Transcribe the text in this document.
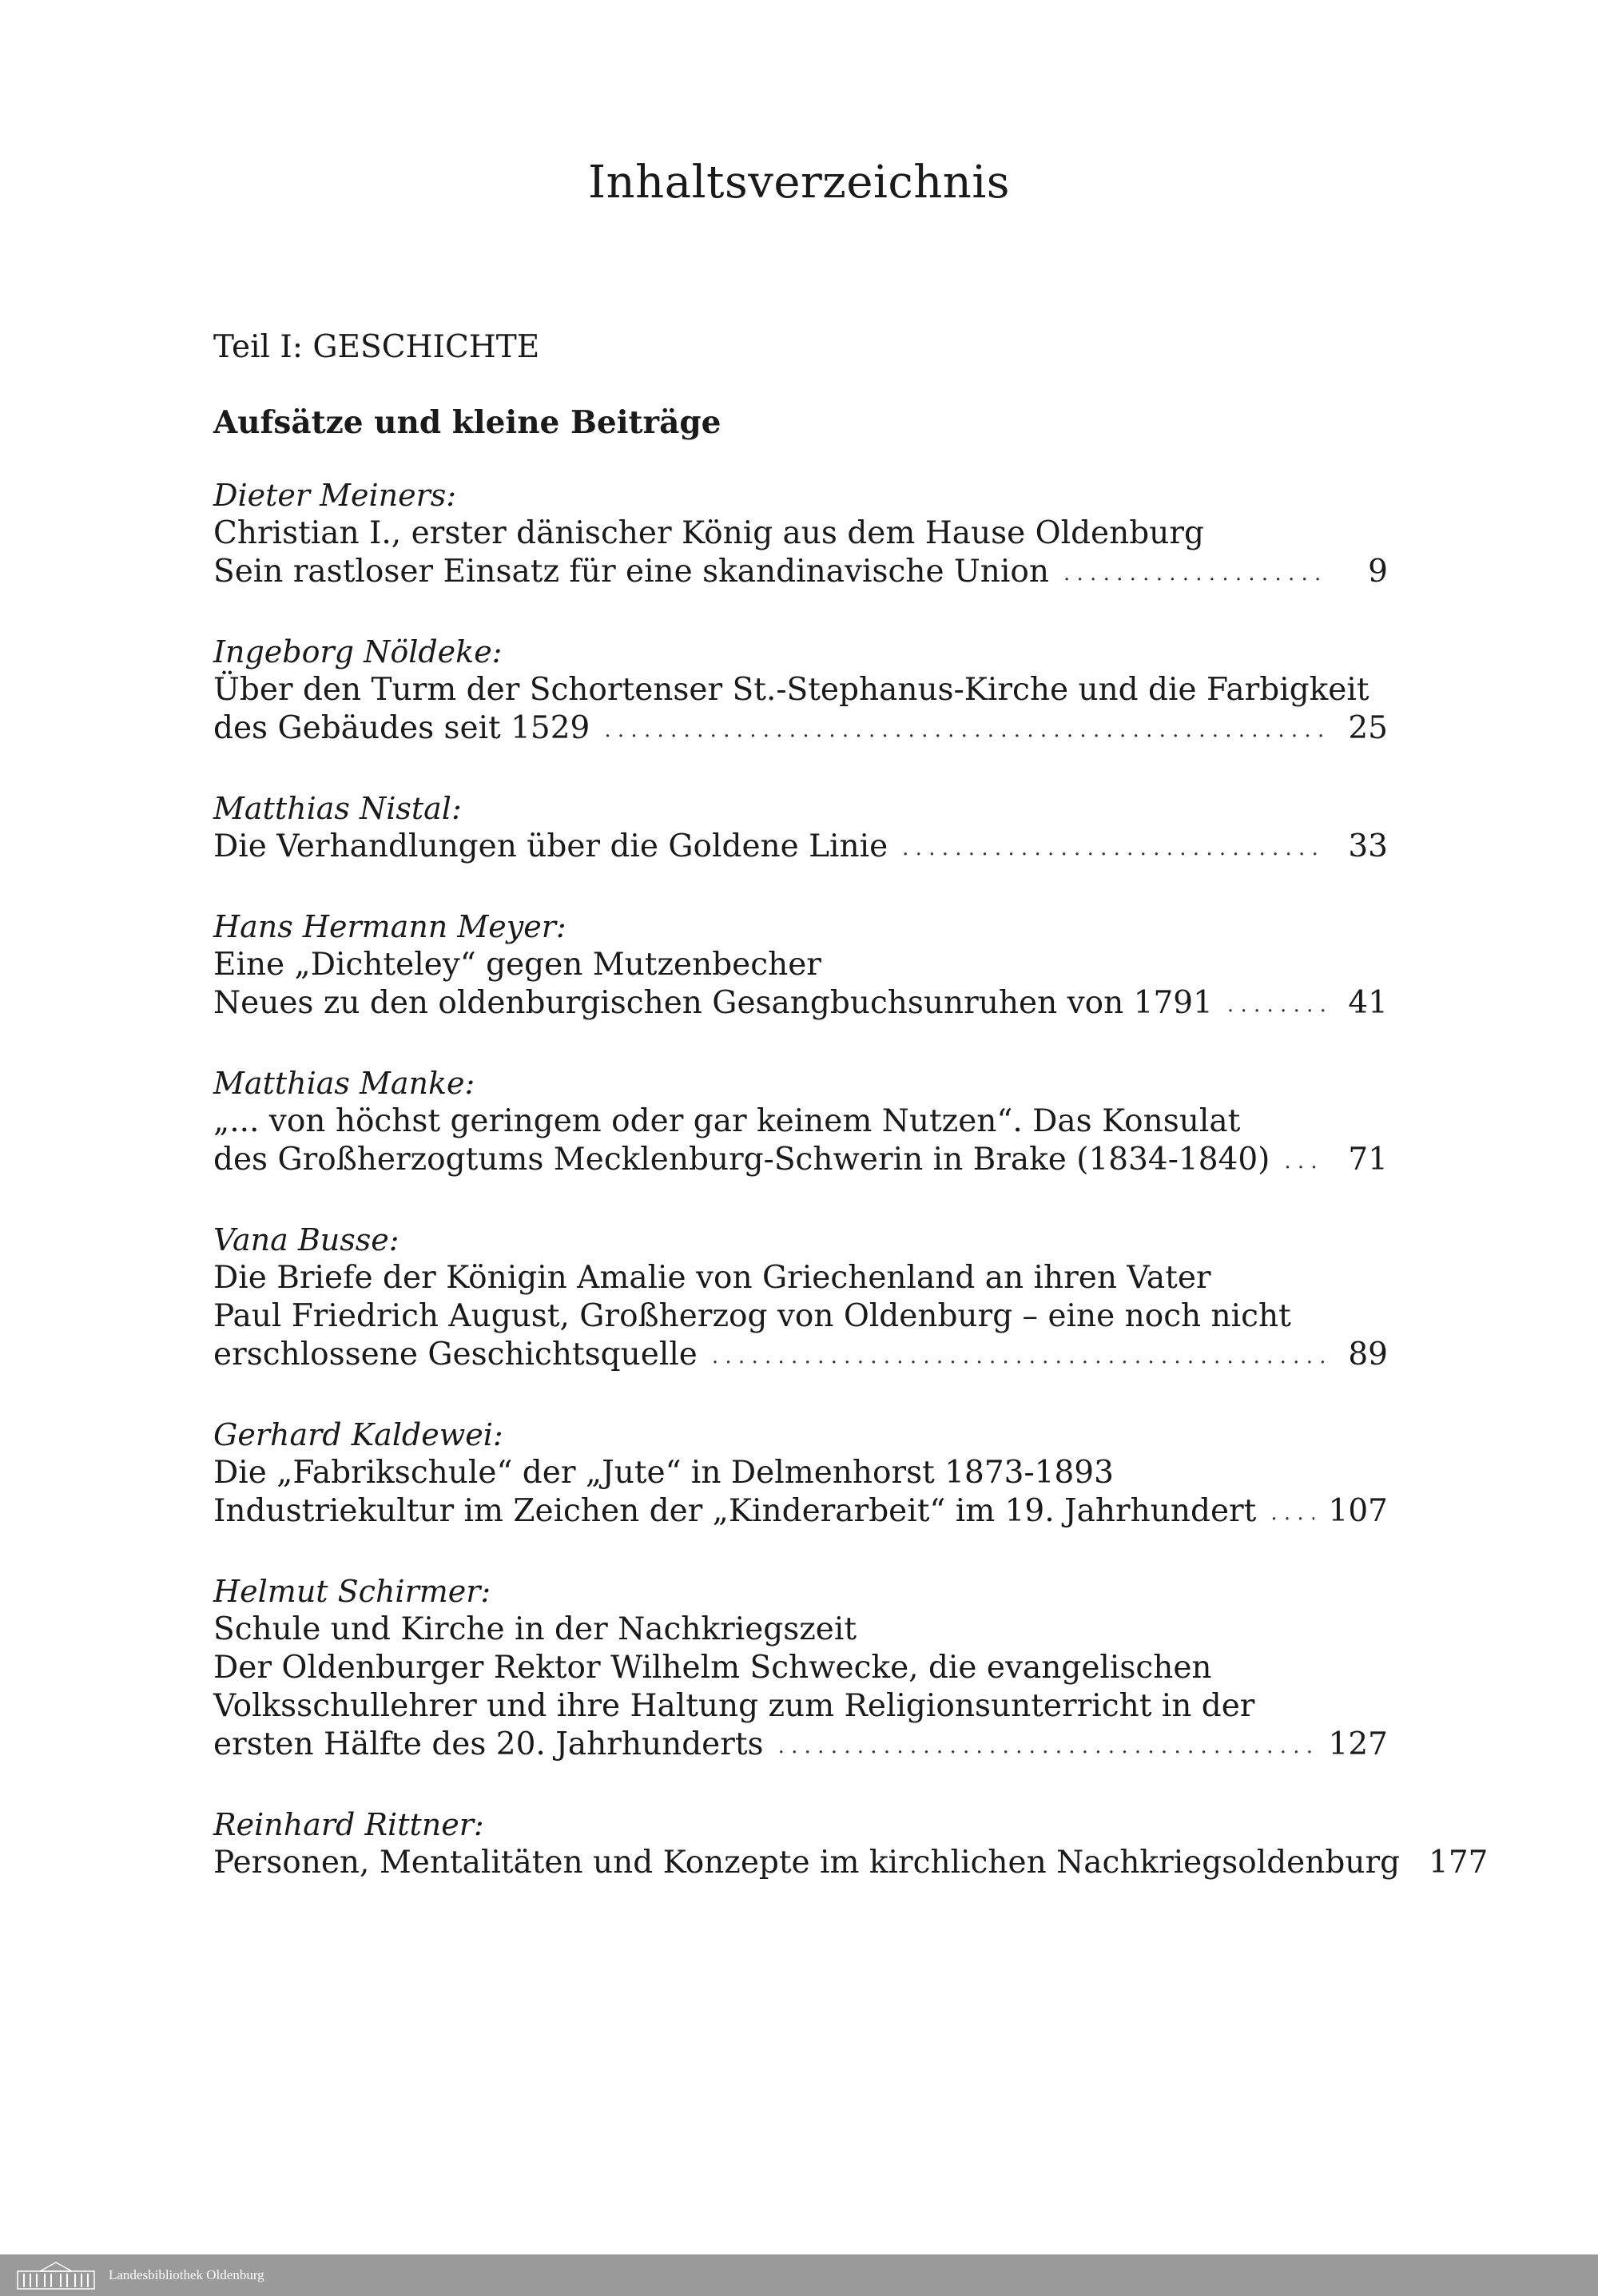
Inhaltsverzeichnis
Teil I: GESCHICHTE
Aufsätze und kleine Beiträge
Dieter Meiners:
Christian I., erster dänischer König aus dem Hause Oldenburg
Sein rastloser Einsatz für eine skandinavische Union . . .	9
Ingeborg Nöldeke:
Über den Turm der Schortenser St.-Stephanus-Kirche und die Farbigkeit
des Gebäudes seit 1529 . . .	25
Matthias Nistal:
Die Verhandlungen über die Goldene Linie . . .	33
Hans Hermann Meyer:
Eine „Dichteley“ gegen Mutzenbecher
Neues zu den oldenburgischen Gesangbuchsunruhen von 1791 . . .	41
Matthias Manke:
„... von höchst geringem oder gar keinem Nutzen“. Das Konsulat
des Großherzogtums Mecklenburg-Schwerin in Brake (1834-1840) . . .	71
Vana Busse:
Die Briefe der Königin Amalie von Griechenland an ihren Vater
Paul Friedrich August, Großherzog von Oldenburg – eine noch nicht
erschlossene Geschichtsquelle . . .	89
Gerhard Kaldewei:
Die „Fabrikschule“ der „Jute“ in Delmenhorst 1873-1893
Industriekultur im Zeichen der „Kinderarbeit“ im 19. Jahrhundert . . . 107
Helmut Schirmer:
Schule und Kirche in der Nachkriegszeit
Der Oldenburger Rektor Wilhelm Schwecke, die evangelischen
Volksschullehrer und ihre Haltung zum Religionsunterricht in der
ersten Hälfte des 20. Jahrhunderts . . .	127
Reinhard Rittner:
Personen, Mentalitäten und Konzepte im kirchlichen Nachkriegsoldenburg 177
Landesbibliothek Oldenburg
